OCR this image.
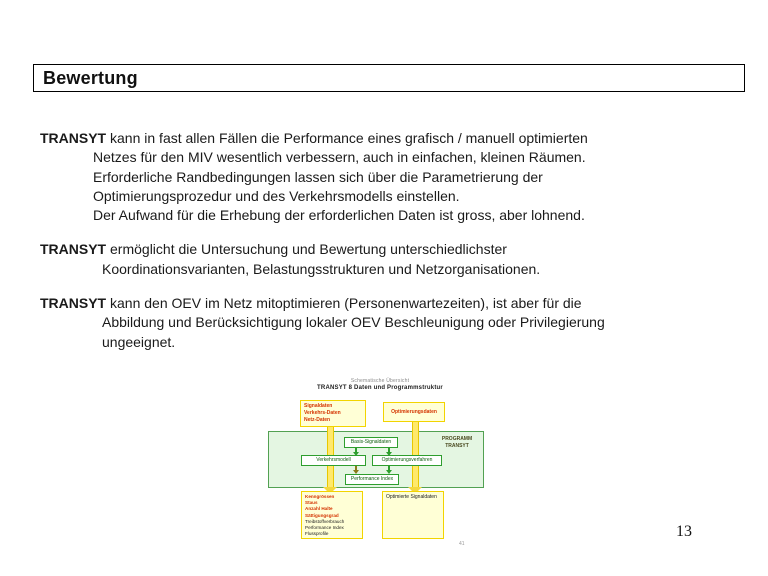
Bewertung
TRANSYT kann in fast allen Fällen die Performance eines grafisch / manuell optimierten
Netzes für den MIV wesentlich verbessern, auch in einfachen, kleinen Räumen.
Erforderliche Randbedingungen lassen sich über die Parametrierung der
Optimierungsprozedur und des Verkehrsmodells einstellen.
Der Aufwand für die Erhebung der erforderlichen Daten ist gross, aber lohnend.
TRANSYT ermöglicht die Untersuchung und Bewertung unterschiedlichster
Koordinationsvarianten, Belastungsstrukturen und Netzorganisationen.
TRANSYT kann den OEV im Netz mitoptimieren (Personenwartezeiten), ist aber für die
Abbildung und Berücksichtigung lokaler OEV Beschleunigung oder Privilegierung
ungeeignet.
Schematische Übersicht
TRANSYT 8 Daten und Programmstruktur
Signaldaten
Verkehrs-Daten
Netz-Daten
Optimierungsdaten
PROGRAMM
TRANSYT
Basis-Signaldaten
Verkehrsmodell	Optimierungsverfahren
Performance Index
Kenngrössen
Staus
Anzahl Halte
Sättigungsgrad
Treibstoffverbrauch
Performance Index
Flussprofile
Optimierte Signaldaten
41
13
